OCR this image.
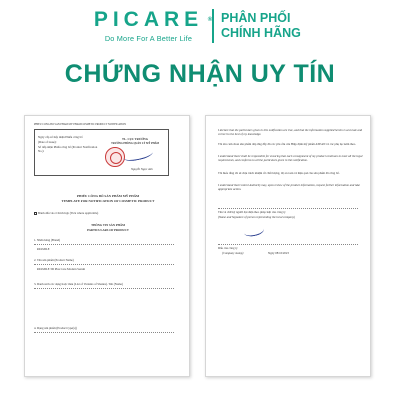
PICARE ®
Do More For A Better Life
PHÂN PHỐI
CHÍNH HÃNG
CHỨNG NHẬN UY TÍN
PHIẾU CÔNG BỐ SẢN PHẨM MỸ PHẨM/COSMETIC PRODUCT NOTIFICATION
Ngày cấp số tiếp nhận Phiếu công bố
(Date of issue):
Số tiếp nhận Phiếu công bố (Product Notification No.):
TL. CỤC TRƯỞNG
TRƯỞNG PHÒNG QUẢN LÝ MỸ PHẨM
Nguyễn Ngọc Anh
PHIẾU CÔNG BỐ SẢN PHẨM MỸ PHẨM
TEMPLATE FOR NOTIFICATION OF COSMETIC PRODUCT
Đánh dấu vào ô thích hợp (Tick where applicable)
THÔNG TIN SẢN PHẨM
PARTICULARS OF PRODUCT
1. Nhãn hàng (Brand)
PASMILE
2. Tên sản phẩm (Product Name)
PASMILE 3D Plus Care Modern Serum
3. Danh sách các dạng hoặc màu (List of Variants of Shades). Tên (Name)
4. Dạng sản phẩm (Product type(s))
I declare that the particulars given in this notification are true, and that the information supplied herein is accurate and correct to the best of my knowledge.
Tôi xin cam đoan sản phẩm đáp ứng đầy đủ các yêu cầu của Hiệp định mỹ phẩm ASEAN và các phụ lục kèm theo.
I understand that I shall be responsible for ensuring that each consignment of my product continues to meet all the legal requirements, and conforms to all the particulars given in this notification.
Tôi hiểu rằng tôi sẽ chịu trách nhiệm về chất lượng, độ an toàn và hiệu quả của sản phẩm đã công bố.
I understand that Control Authority may, upon review of the product information, request further information and take appropriate action.
Tên và chữ ký người đại diện theo pháp luật của công ty
(Name and Signature of person representing the local company)
Dấu của công ty
(Company stamp)	Ngày 08/10/2023
